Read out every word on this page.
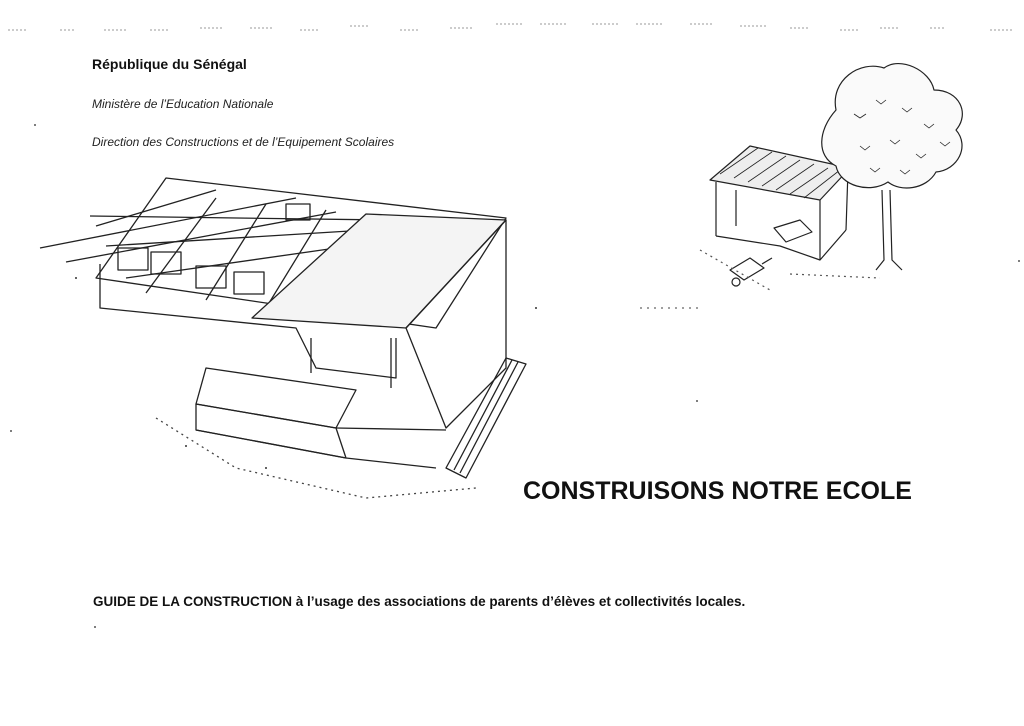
République du Sénégal

Ministère de l’Education Nationale

Direction des Constructions et de l’Equipement Scolaires

CONSTRUISONS NOTRE ECOLE

GUIDE DE LA CONSTRUCTION à l’usage des associations de parents d’élèves et collectivités locales.
